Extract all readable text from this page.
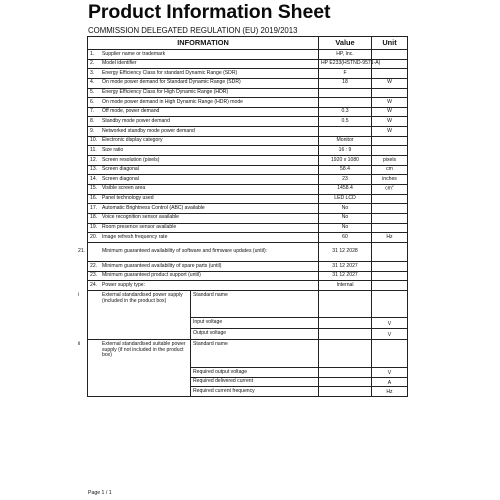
Product Information Sheet
COMMISSION DELEGATED REGULATION (EU) 2019/2013
INFORMATION		Value	Unit
1. Supplier name or trademark		HP, Inc.	
2. Model identifier		HP E233(HSTND-9571-A)	
3. Energy Efficiency Class for standard Dynamic Range (SDR)		F	
4. On mode power demand for Standard Dynamic Range (SDR)		18	W
5. Energy Efficiency Class for High Dynamic Range (HDR)			
6. On mode power demand in High Dynamic Range (HDR) mode			W
7. Off mode, power demand		0.3	W
8. Standby mode power demand		0.5	W
9. Networked standby mode power demand			W
10. Electronic display category		Monitor	
11. Size ratio		16 : 9	
12. Screen resolution (pixels)		1920 x 1080	pixels
13. Screen diagonal		58.4	cm
14. Screen diagonal		23	inches
15. Visible screen area		1458.4	$cm^2$
16. Panel technology used		LED LCD	
17. Automatic Brightness Control (ABC) available		No	
18. Voice recognition sensor available		No	
19. Room presence sensor available		No	
20. Image refresh frequency rate		60	Hz

21. Minimum guaranteed availability of software and firmware updates (until):		31 12 2028	
22. Minimum guaranteed availability of spare parts (until)		31 12 2027	
23. Minimum guaranteed product support (until)		31 12 2027	
24. Power supply type:		Internal	

i External standardised power supply (included in the product box)	Standard name		
	Input voltage		V
	Output voltage		V

ii External standardised suitable power supply (if not included in the product box)	Standard name		
	Required output voltage		V
	Required delivered current		A
	Required current frequency		Hz
Page 1 / 1
